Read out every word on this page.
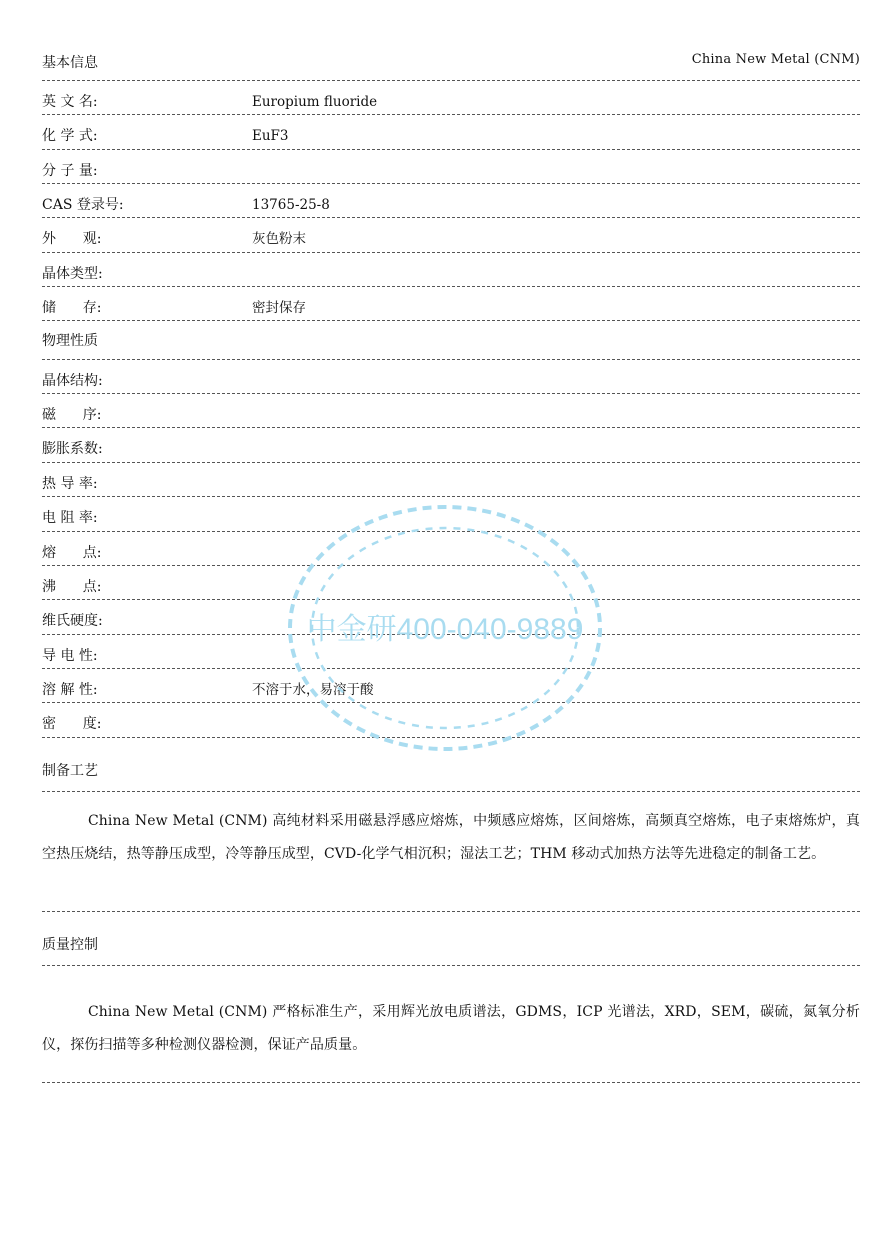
基本信息	China New Metal (CNM)
英 文 名:	Europium fluoride
化 学 式:	EuF3
分 子 量:
CAS 登录号:	13765-25-8
外      观:	灰色粉末
晶体类型:
储      存:	密封保存
物理性质
晶体结构:
磁      序:
膨胀系数:
热 导 率:
电 阻 率:
熔      点:
沸      点:
维氏硬度:
导 电 性:
溶 解 性:	不溶于水，易溶于酸
密      度:
制备工艺
China New Metal (CNM) 高纯材料采用磁悬浮感应熔炼，中频感应熔炼，区间熔炼，高频真空熔炼，电子束熔炼炉，真空热压烧结，热等静压成型，冷等静压成型，CVD-化学气相沉积；湿法工艺；THM 移动式加热方法等先进稳定的制备工艺。
质量控制
China New Metal (CNM) 严格标准生产，采用辉光放电质谱法，GDMS，ICP 光谱法，XRD，SEM，碳硫，氮氧分析仪，探伤扫描等多种检测仪器检测，保证产品质量。
中金研400-040-9889
